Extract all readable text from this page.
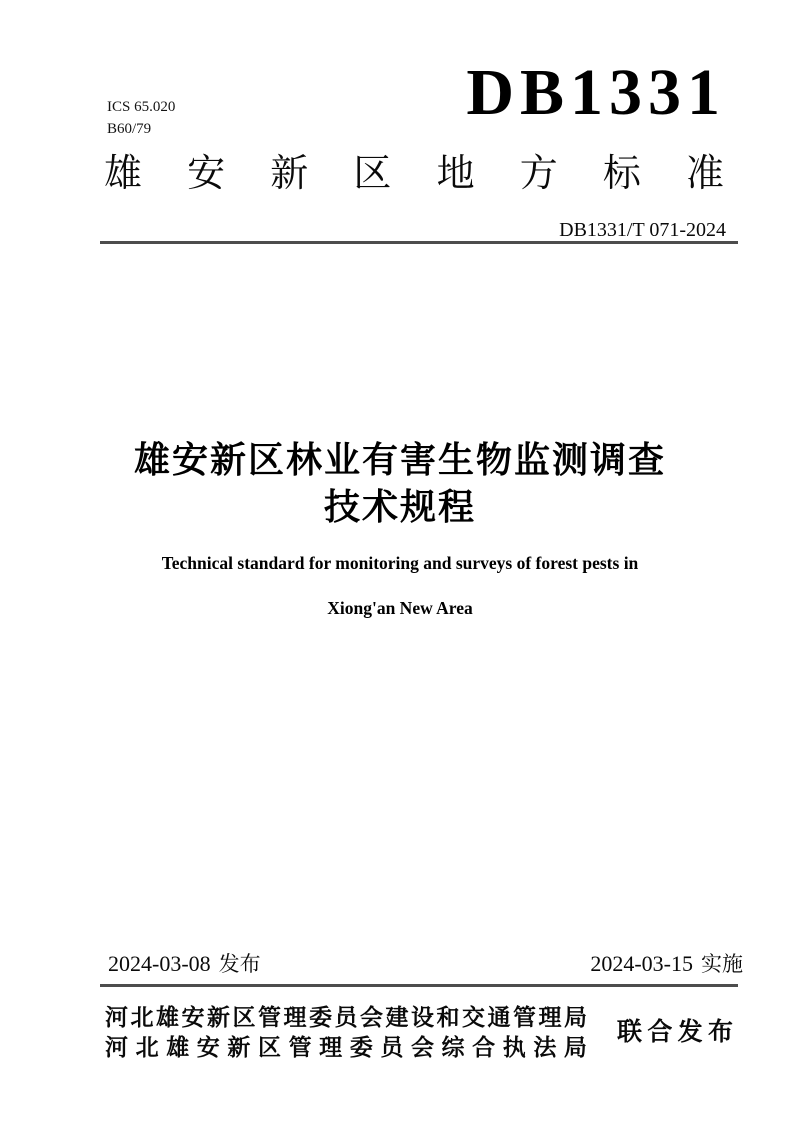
ICS 65.020
B60/79	DB1331
雄 安 新 区 地 方 标 准
DB1331/T 071-2024
雄安新区林业有害生物监测调查
技术规程
Technical standard for monitoring and surveys of forest pests in
Xiong'an New Area
2024-03-08 发布	2024-03-15 实施
河 北 雄 安 新 区 管 理 委 员 会 建 设 和 交 通 管 理 局
河 北 雄 安 新 区 管 理 委 员 会 综 合 执 法 局
联 合 发 布
